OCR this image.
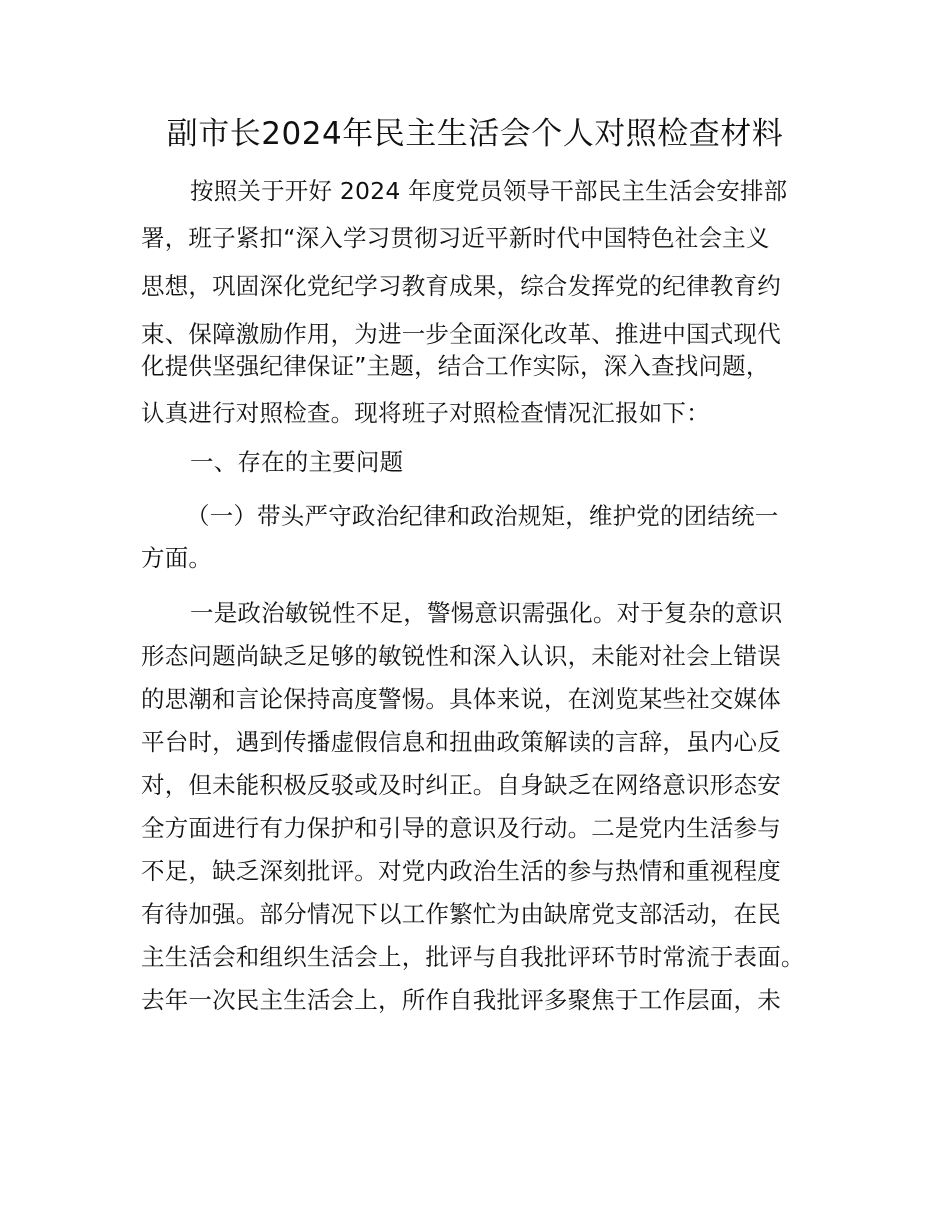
副市长2024年民主生活会个人对照检查材料
按照关于开好 2024 年度党员领导干部民主生活会安排部
署，班子紧扣“深入学习贯彻习近平新时代中国特色社会主义
思想，巩固深化党纪学习教育成果，综合发挥党的纪律教育约
束、保障激励作用，为进一步全面深化改革、推进中国式现代
化提供坚强纪律保证”主题，结合工作实际，深入查找问题，
认真进行对照检查。现将班子对照检查情况汇报如下：
一、存在的主要问题
（一）带头严守政治纪律和政治规矩，维护党的团结统一
方面。
一是政治敏锐性不足，警惕意识需强化。对于复杂的意识
形态问题尚缺乏足够的敏锐性和深入认识，未能对社会上错误
的思潮和言论保持高度警惕。具体来说，在浏览某些社交媒体
平台时，遇到传播虚假信息和扭曲政策解读的言辞，虽内心反
对，但未能积极反驳或及时纠正。自身缺乏在网络意识形态安
全方面进行有力保护和引导的意识及行动。二是党内生活参与
不足，缺乏深刻批评。对党内政治生活的参与热情和重视程度
有待加强。部分情况下以工作繁忙为由缺席党支部活动，在民
主生活会和组织生活会上，批评与自我批评环节时常流于表面。
去年一次民主生活会上，所作自我批评多聚焦于工作层面，未
